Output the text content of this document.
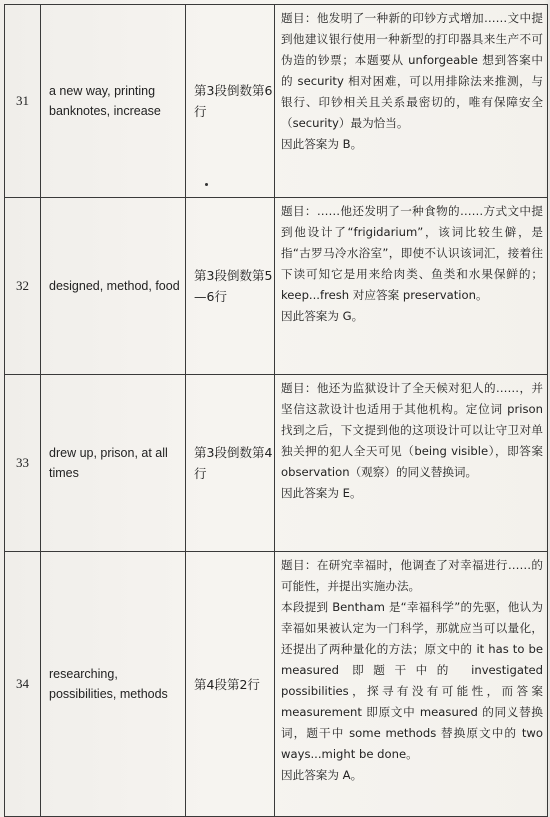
31	a new way, printing banknotes, increase	第3段倒数第6行	题目：他发明了一种新的印钞方式增加……文中提到他建议银行使用一种新型的打印器具来生产不可伪造的钞票；本题要从 unforgeable 想到答案中的 security 相对困难，可以用排除法来推测，与银行、印钞相关且关系最密切的，唯有保障安全（security）最为恰当。

因此答案为 B。

32	designed, method, food	第3段倒数第5—6行	题目：……他还发明了一种食物的……方式文中提到他设计了“frigidarium”，该词比较生僻，是指“古罗马冷水浴室”，即使不认识该词汇，接着往下读可知它是用来给肉类、鱼类和水果保鲜的；keep...fresh 对应答案 preservation。

因此答案为 G。

33	drew up, prison, at all times	第3段倒数第4行	题目：他还为监狱设计了全天候对犯人的……，并坚信这款设计也适用于其他机构。定位词 prison 找到之后，下文提到他的这项设计可以让守卫对单独关押的犯人全天可见（being visible），即答案 observation（观察）的同义替换词。

因此答案为 E。

34	researching, possibilities, methods	第4段第2行	题目：在研究幸福时，他调查了对幸福进行……的可能性，并提出实施办法。

本段提到 Bentham 是“幸福科学”的先驱，他认为幸福如果被认定为一门科学，那就应当可以量化，还提出了两种量化的方法；原文中的 it has to be measured 即题干中的 investigated possibilities，探寻有没有可能性，而答案 measurement 即原文中 measured 的同义替换词，题干中 some methods 替换原文中的 two ways...might be done。

因此答案为 A。
